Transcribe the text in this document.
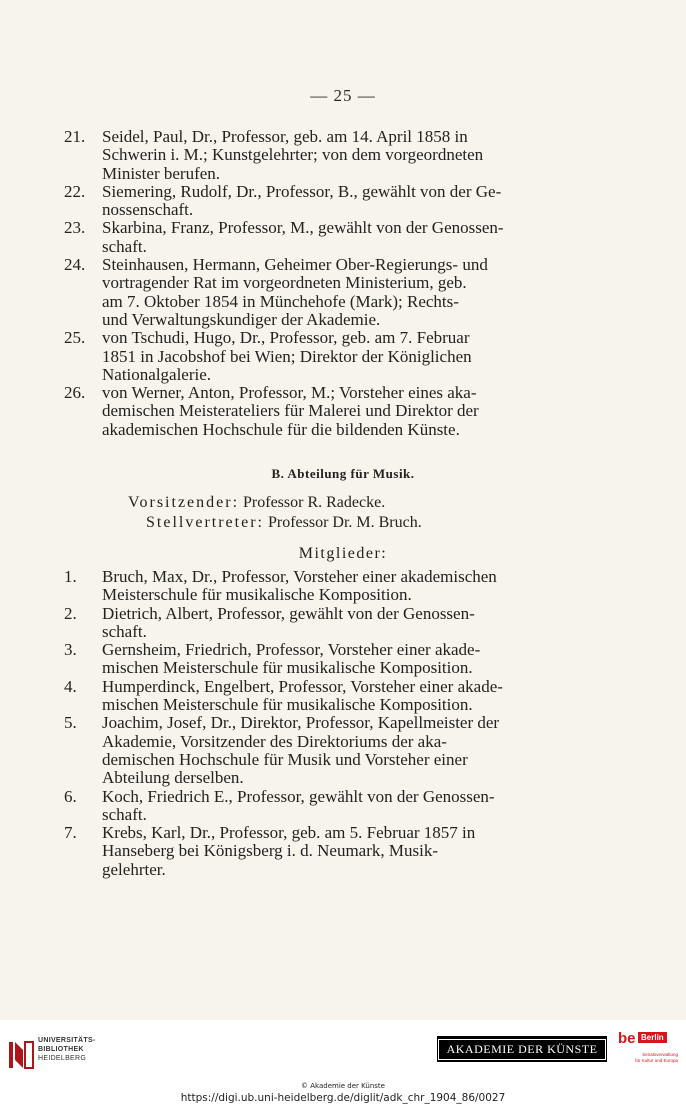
— 25 —
21. Seidel, Paul, Dr., Professor, geb. am 14. April 1858 in
Schwerin i. M.; Kunstgelehrter; von dem vorgeordneten
Minister berufen.
22. Siemering, Rudolf, Dr., Professor, B., gewählt von der Ge-
nossenschaft.
23. Skarbina, Franz, Professor, M., gewählt von der Genossen-
schaft.
24. Steinhausen, Hermann, Geheimer Ober-Regierungs- und
vortragender Rat im vorgeordneten Ministerium, geb.
am 7. Oktober 1854 in Münchehofe (Mark); Rechts-
und Verwaltungskundiger der Akademie.
25. von Tschudi, Hugo, Dr., Professor, geb. am 7. Februar
1851 in Jacobshof bei Wien; Direktor der Königlichen
Nationalgalerie.
26. von Werner, Anton, Professor, M.; Vorsteher eines aka-
demischen Meisterateliers für Malerei und Direktor der
akademischen Hochschule für die bildenden Künste.
B. Abteilung für Musik.
Vorsitzender: Professor R. Radecke.
Stellvertreter: Professor Dr. M. Bruch.
Mitglieder:
1.	Bruch, Max, Dr., Professor, Vorsteher einer akademischen
Meisterschule für musikalische Komposition.
2.	Dietrich, Albert, Professor, gewählt von der Genossen-
schaft.
3.	Gernsheim, Friedrich, Professor, Vorsteher einer akade-
mischen Meisterschule für musikalische Komposition.
4.	Humperdinck, Engelbert, Professor, Vorsteher einer akade-
mischen Meisterschule für musikalische Komposition.
5.	Joachim, Josef, Dr., Direktor, Professor, Kapellmeister der
Akademie, Vorsitzender des Direktoriums der aka-
demischen Hochschule für Musik und Vorsteher einer
Abteilung derselben.
6.	Koch, Friedrich E., Professor, gewählt von der Genossen-
schaft.
7.	Krebs, Karl, Dr., Professor, geb. am 5. Februar 1857 in
Hanseberg bei Königsberg i. d. Neumark, Musik-
gelehrter.
UNIVERSITÄTS-
BIBLIOTHEK
HEIDELBERG
AKADEMIE DER KÜNSTE
be Berlin
Senatsverwaltung
für Kultur und Europa
© Akademie der Künste
https://digi.ub.uni-heidelberg.de/diglit/adk_chr_1904_86/0027
